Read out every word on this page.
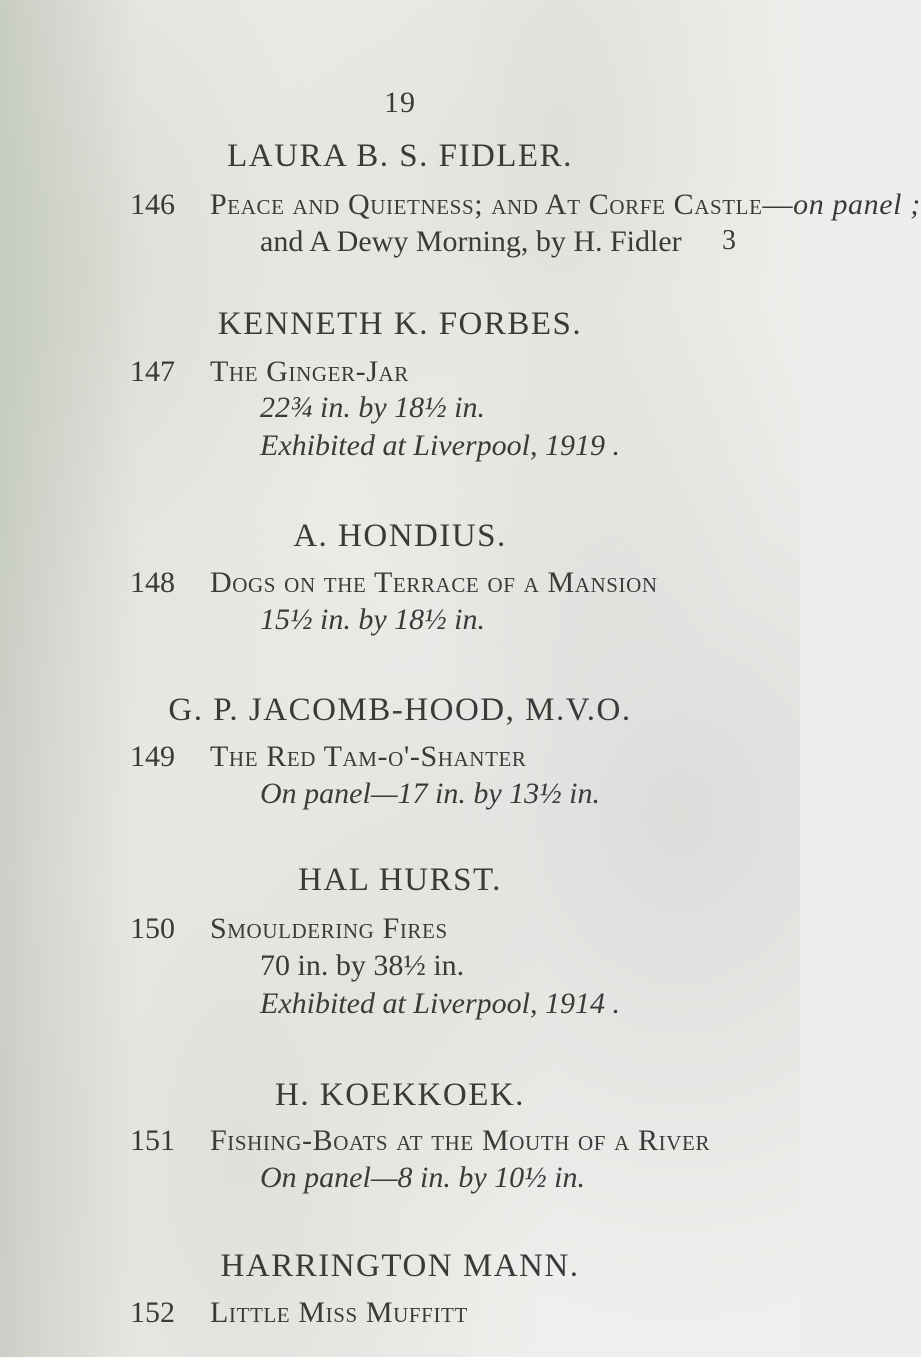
19
LAURA B. S. FIDLER.
146 Peace and Quietness; and At Corfe Castle—on panel ;
and A Dewy Morning, by H. Fidler 3
KENNETH K. FORBES.
147 The Ginger-Jar
22¾ in. by 18½ in.
Exhibited at Liverpool, 1919 .
A. HONDIUS.
148 Dogs on the Terrace of a Mansion
15½ in. by 18½ in.
G. P. JACOMB-HOOD, M.V.O.
149 The Red Tam-o'-Shanter
On panel—17 in. by 13½ in.
HAL HURST.
150 Smouldering Fires
70 in. by 38½ in.
Exhibited at Liverpool, 1914 .
H. KOEKKOEK.
151 Fishing-Boats at the Mouth of a River
On panel—8 in. by 10½ in.
HARRINGTON MANN.
152 Little Miss Muffitt
